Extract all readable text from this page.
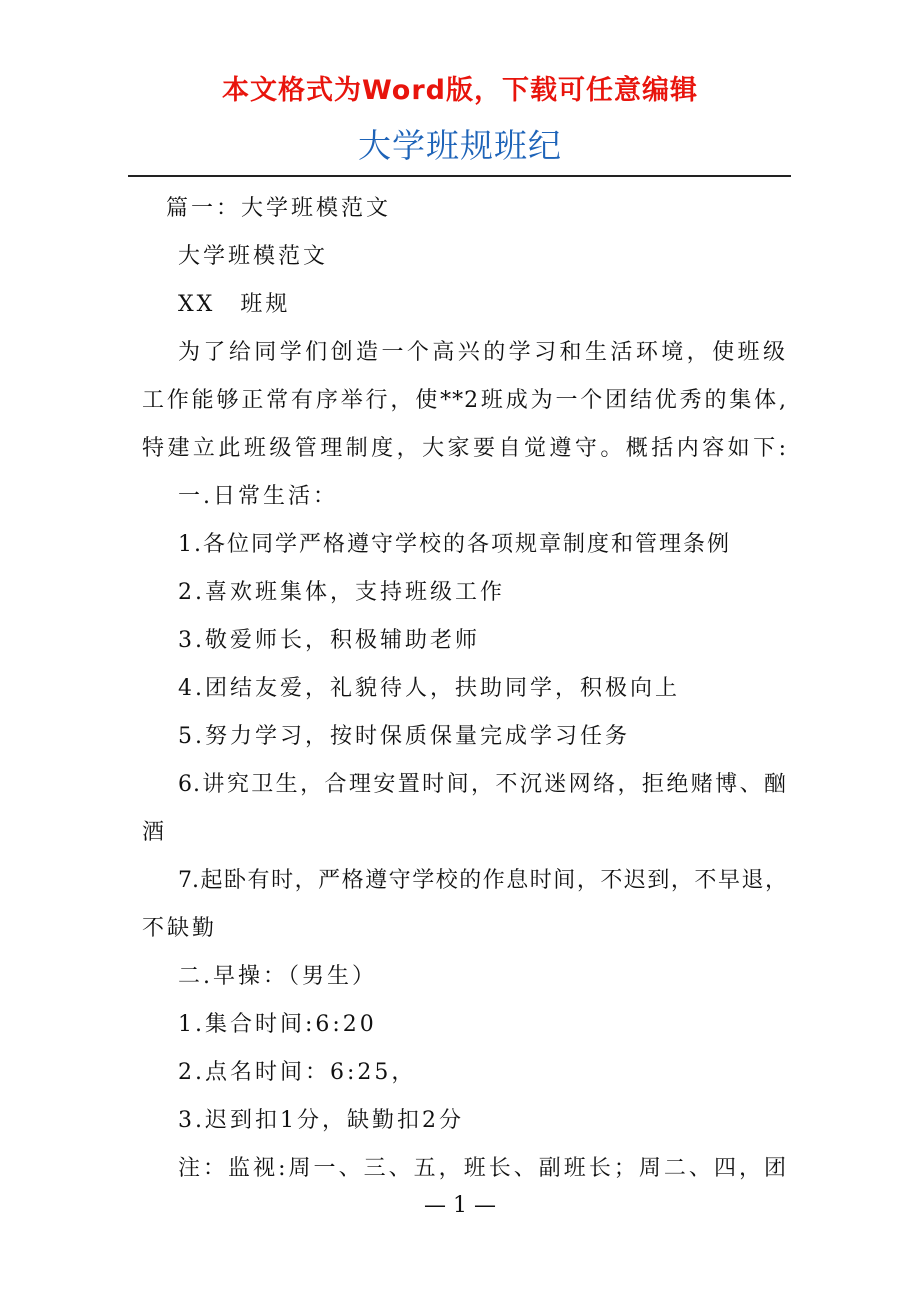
本文格式为Word版，下载可任意编辑
大学班规班纪
篇一：大学班模范文
大学班模范文
XX　班规
为了给同学们创造一个高兴的学习和生活环境，使班级
工作能够正常有序举行，使**2班成为一个团结优秀的集体,
特建立此班级管理制度，大家要自觉遵守。概括内容如下:
一.日常生活：
1.各位同学严格遵守学校的各项规章制度和管理条例
2.喜欢班集体，支持班级工作
3.敬爱师长，积极辅助老师
4.团结友爱，礼貌待人，扶助同学，积极向上
5.努力学习，按时保质保量完成学习任务
6.讲究卫生，合理安置时间，不沉迷网络，拒绝赌博、酗
酒
7.起卧有时，严格遵守学校的作息时间，不迟到，不早退，
不缺勤
二.早操：（男生）
1.集合时间:6:20
2.点名时间：6:25，
3.迟到扣1分，缺勤扣2分
注：监视:周一、三、五，班长、副班长；周二、四，团
— 1 —
